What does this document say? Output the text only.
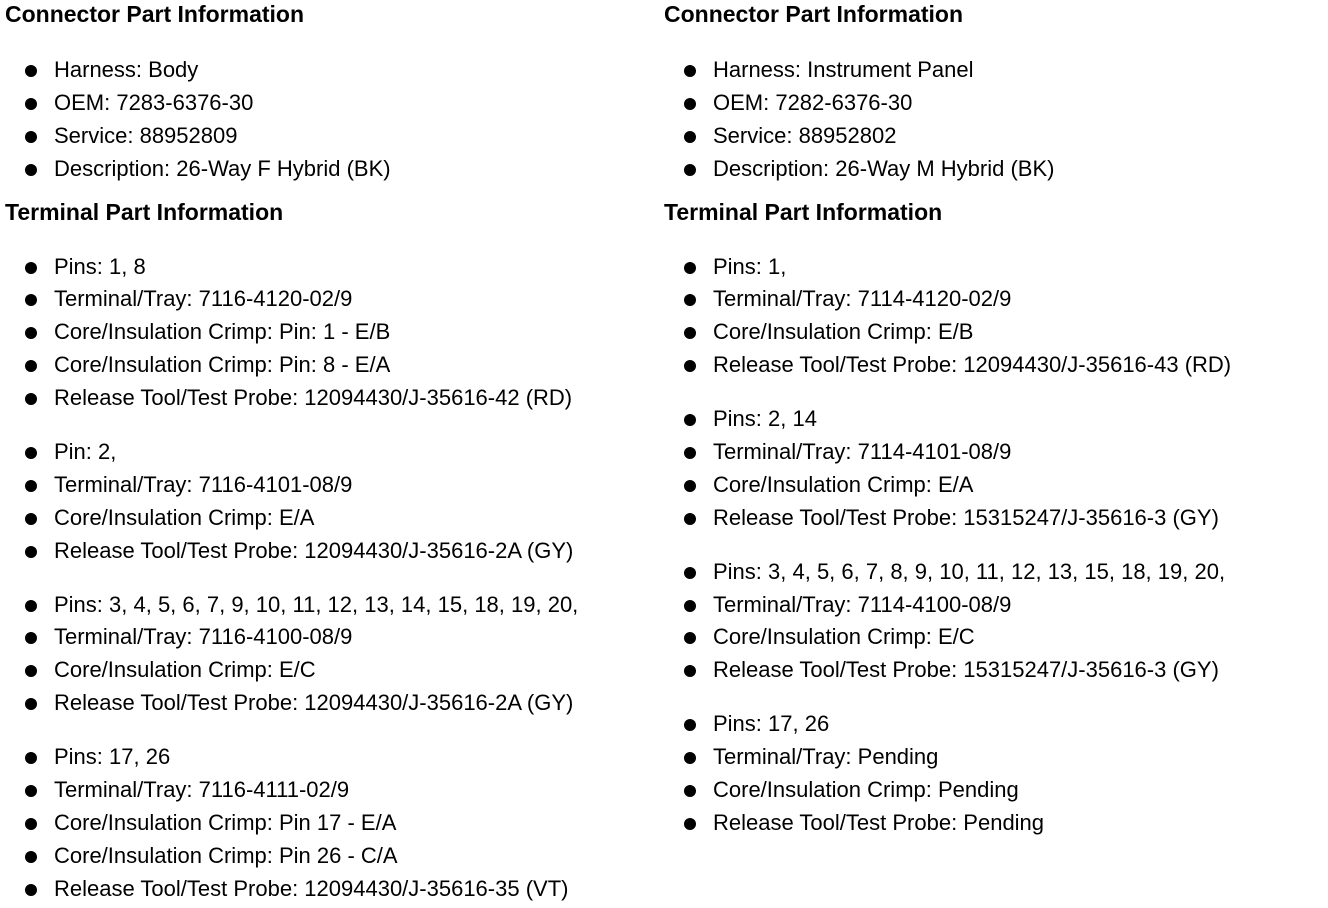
Connector Part Information
Harness: Body
OEM: 7283-6376-30
Service: 88952809
Description: 26-Way F Hybrid (BK)
Terminal Part Information
Pins: 1, 8
Terminal/Tray: 7116-4120-02/9
Core/Insulation Crimp: Pin: 1 - E/B
Core/Insulation Crimp: Pin: 8 - E/A
Release Tool/Test Probe: 12094430/J-35616-42 (RD)
Pin: 2,
Terminal/Tray: 7116-4101-08/9
Core/Insulation Crimp: E/A
Release Tool/Test Probe: 12094430/J-35616-2A (GY)
Pins: 3, 4, 5, 6, 7, 9, 10, 11, 12, 13, 14, 15, 18, 19, 20,
Terminal/Tray: 7116-4100-08/9
Core/Insulation Crimp: E/C
Release Tool/Test Probe: 12094430/J-35616-2A (GY)
Pins: 17, 26
Terminal/Tray: 7116-4111-02/9
Core/Insulation Crimp: Pin 17 - E/A
Core/Insulation Crimp: Pin 26 - C/A
Release Tool/Test Probe: 12094430/J-35616-35 (VT)
Connector Part Information
Harness: Instrument Panel
OEM: 7282-6376-30
Service: 88952802
Description: 26-Way M Hybrid (BK)
Terminal Part Information
Pins: 1,
Terminal/Tray: 7114-4120-02/9
Core/Insulation Crimp: E/B
Release Tool/Test Probe: 12094430/J-35616-43 (RD)
Pins: 2, 14
Terminal/Tray: 7114-4101-08/9
Core/Insulation Crimp: E/A
Release Tool/Test Probe: 15315247/J-35616-3 (GY)
Pins: 3, 4, 5, 6, 7, 8, 9, 10, 11, 12, 13, 15, 18, 19, 20,
Terminal/Tray: 7114-4100-08/9
Core/Insulation Crimp: E/C
Release Tool/Test Probe: 15315247/J-35616-3 (GY)
Pins: 17, 26
Terminal/Tray: Pending
Core/Insulation Crimp: Pending
Release Tool/Test Probe: Pending
